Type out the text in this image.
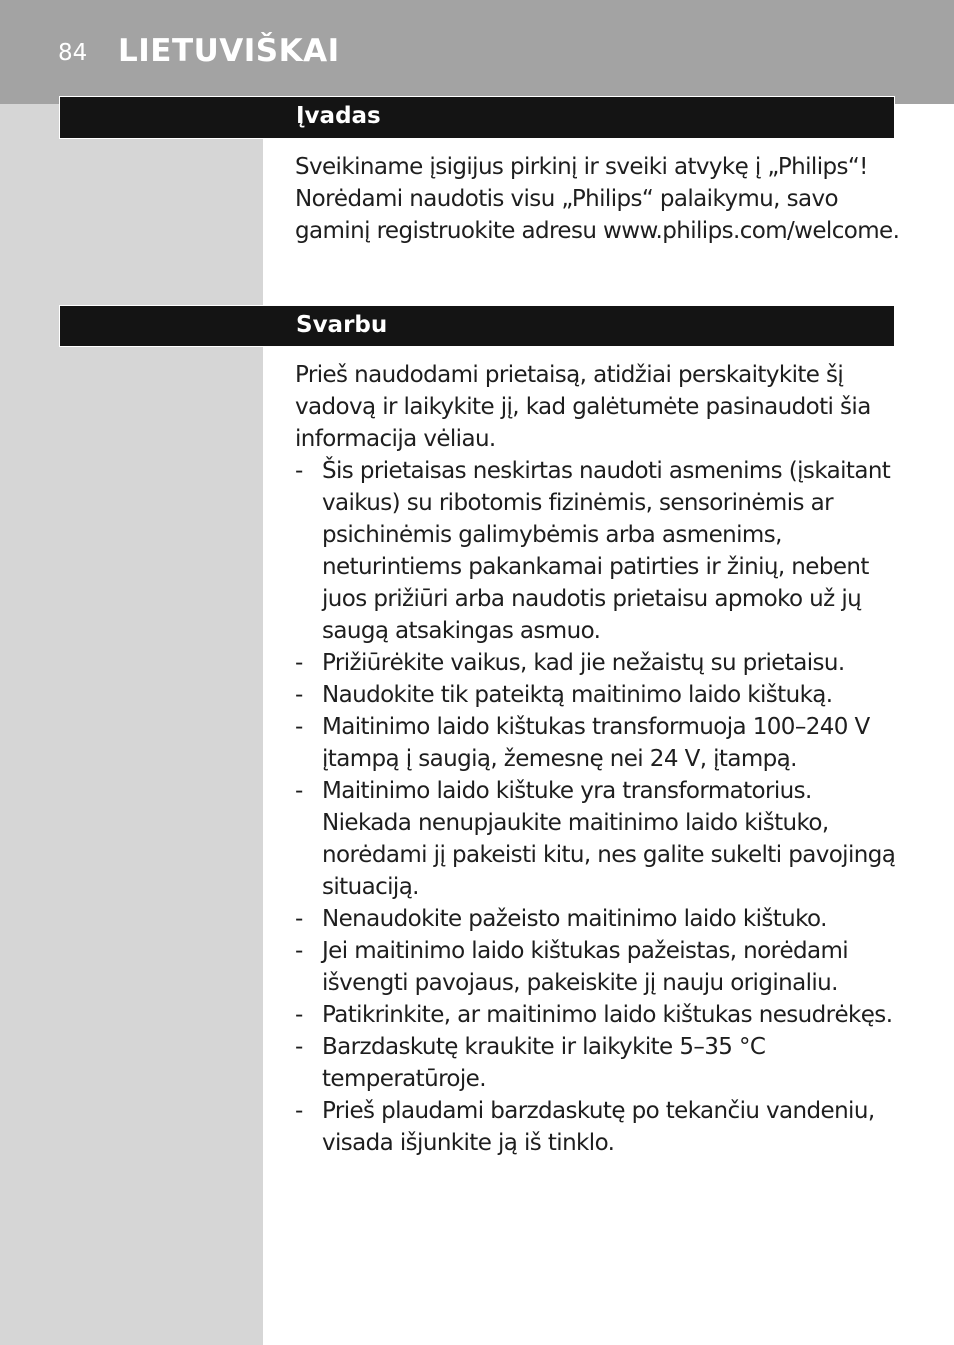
84 LIETUVIŠKAI
Įvadas
Sveikiname įsigijus pirkinį ir sveiki atvykę į „Philips“! Norėdami naudotis visu „Philips“ palaikymu, savo gaminį registruokite adresu www.philips.com/welcome.
Svarbu
Prieš naudodami prietaisą, atidžiai perskaitykite šį vadovą ir laikykite jį, kad galėtumėte pasinaudoti šia informacija vėliau.
- Šis prietaisas neskirtas naudoti asmenims (įskaitant vaikus) su ribotomis fizinėmis, sensorinėmis ar psichinėmis galimybėmis arba asmenims, neturintiems pakankamai patirties ir žinių, nebent juos prižiūri arba naudotis prietaisu apmoko už jų saugą atsakingas asmuo.
- Prižiūrėkite vaikus, kad jie nežaistų su prietaisu.
- Naudokite tik pateiktą maitinimo laido kištuką.
- Maitinimo laido kištukas transformuoja 100–240 V įtampą į saugią, žemesnę nei 24 V, įtampą.
- Maitinimo laido kištuke yra transformatorius. Niekada nenupjaukite maitinimo laido kištuko, norėdami jį pakeisti kitu, nes galite sukelti pavojingą situaciją.
- Nenaudokite pažeisto maitinimo laido kištuko.
- Jei maitinimo laido kištukas pažeistas, norėdami išvengti pavojaus, pakeiskite jį nauju originaliu.
- Patikrinkite, ar maitinimo laido kištukas nesudrėkęs.
- Barzdaskutę kraukite ir laikykite 5–35 °C temperatūroje.
- Prieš plaudami barzdaskutę po tekančiu vandeniu, visada išjunkite ją iš tinklo.
